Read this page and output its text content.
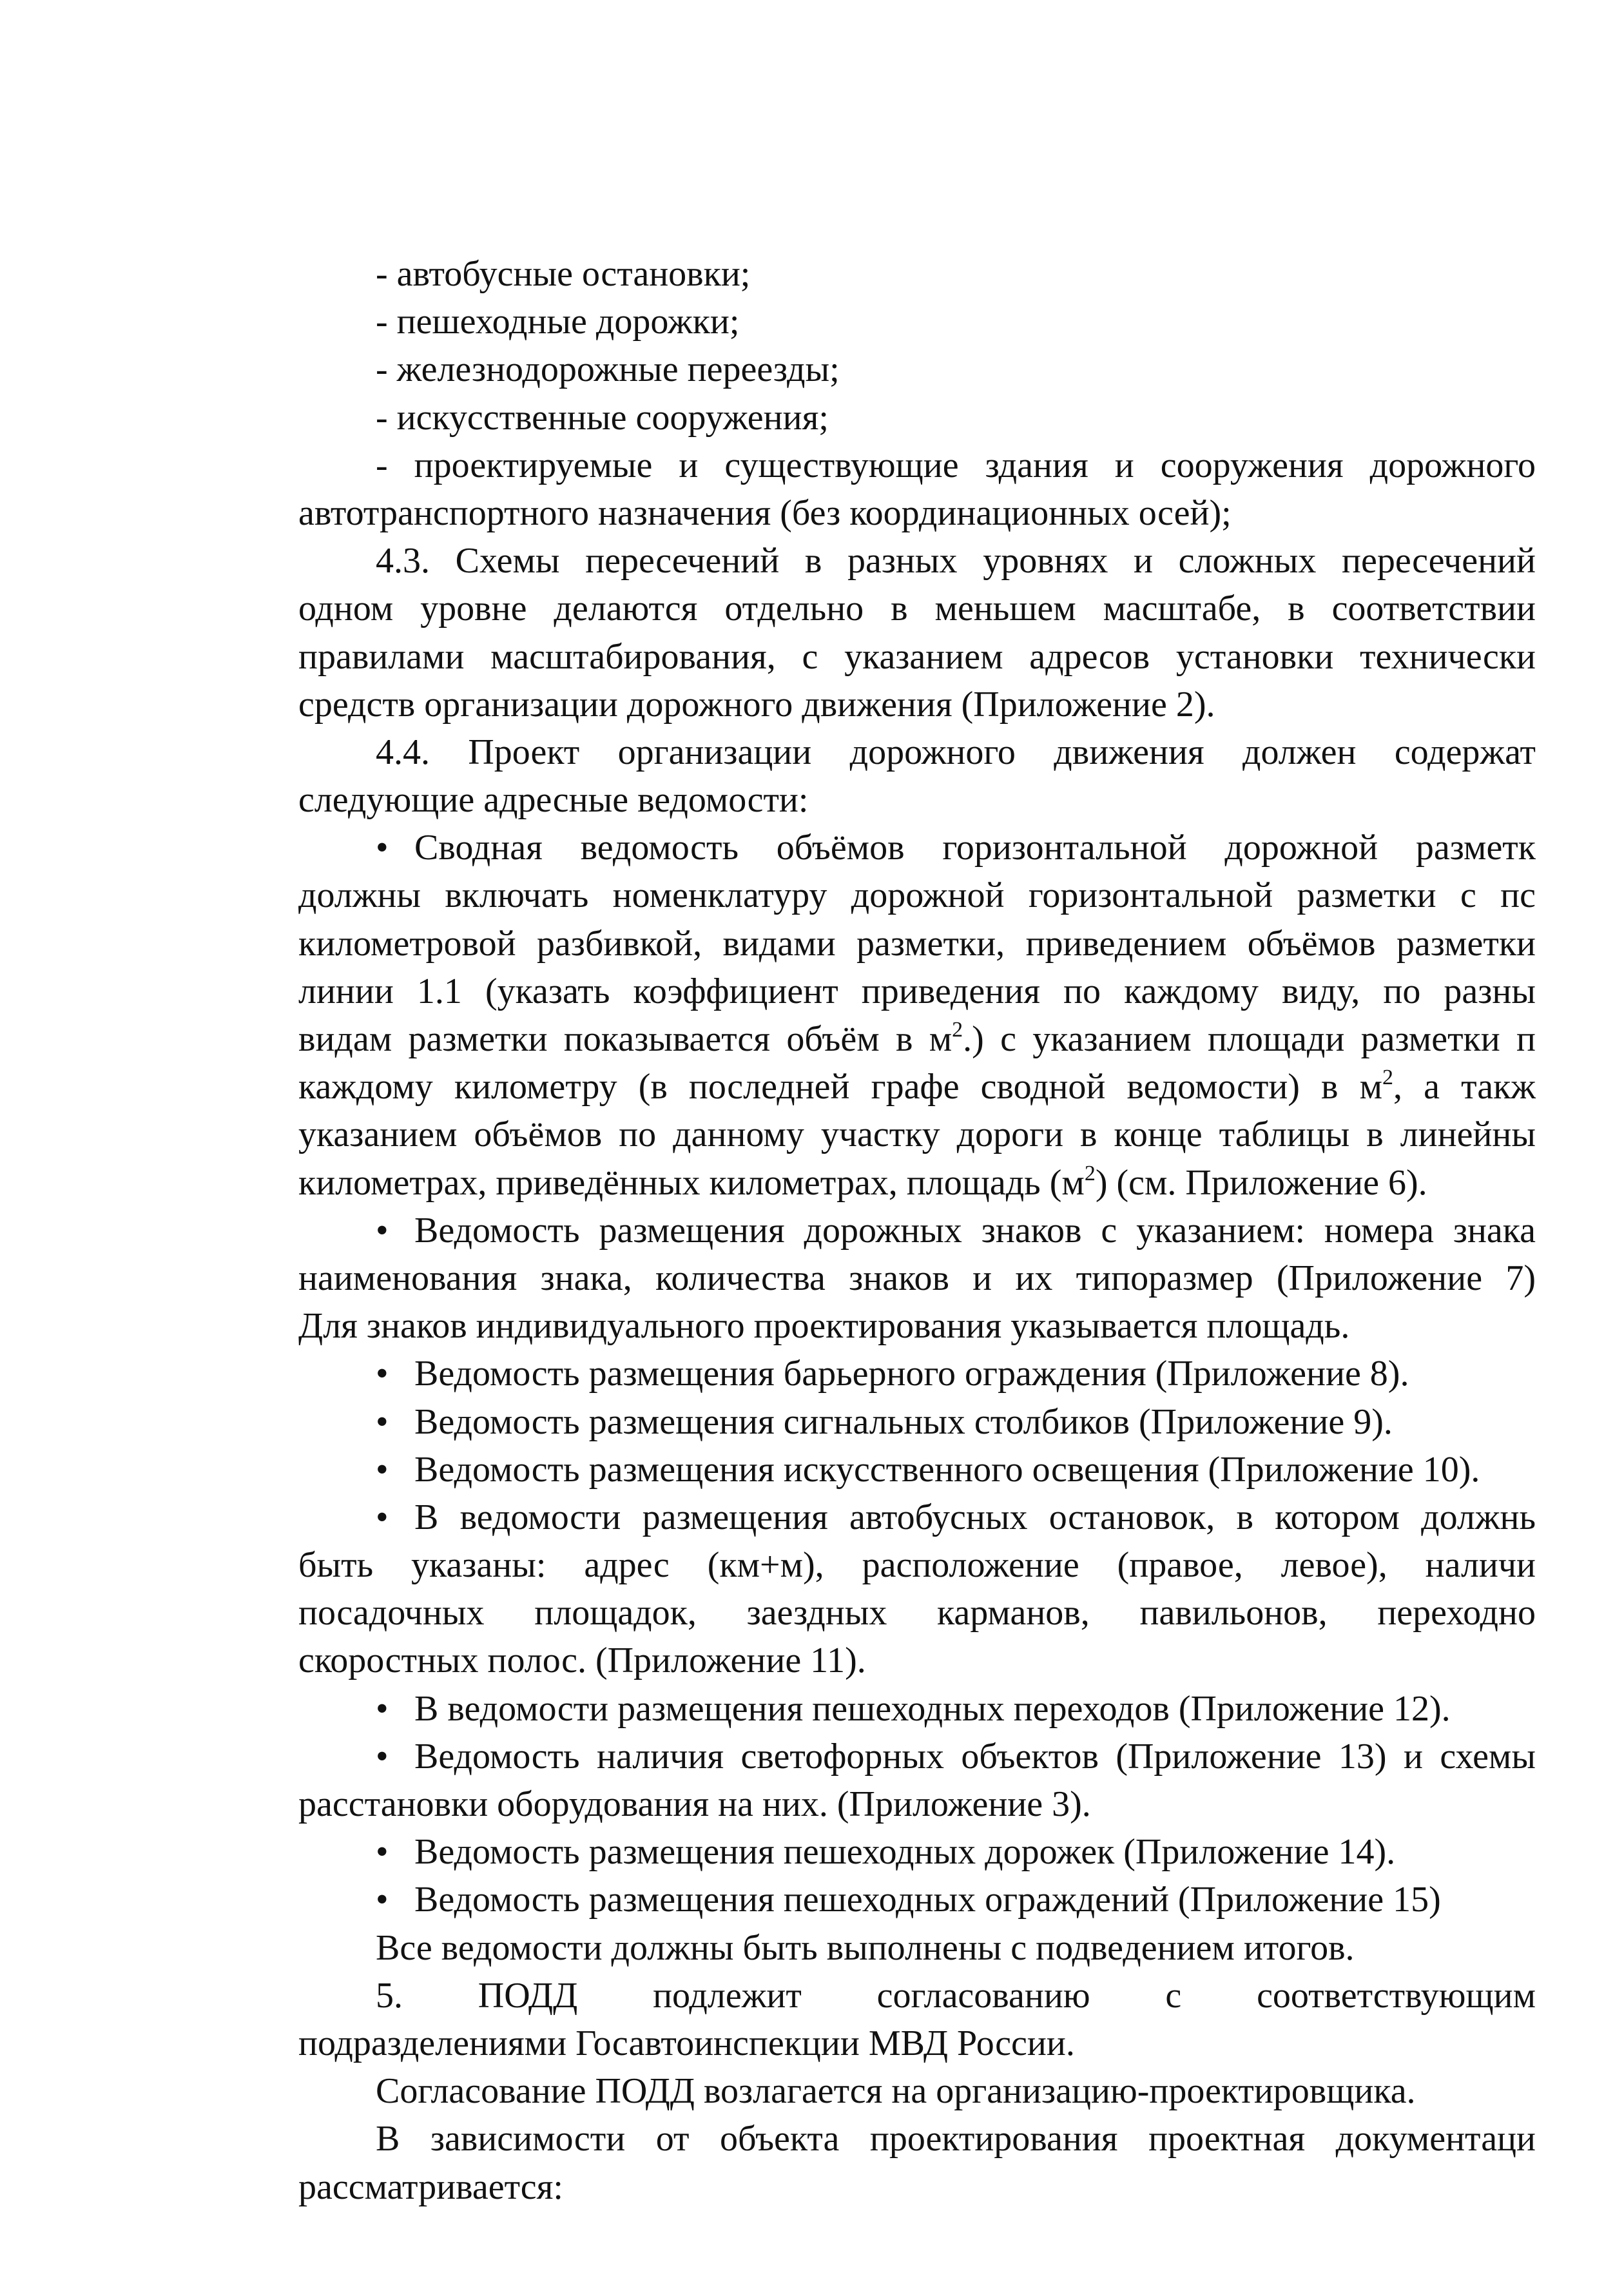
- автобусные остановки;
- пешеходные дорожки;
- железнодорожные переезды;
- искусственные сооружения;
- проектируемые и существующие здания и сооружения дорожного
автотранспортного назначения (без координационных осей);
4.3. Схемы пересечений в разных уровнях и сложных пересечений
одном уровне делаются отдельно в меньшем масштабе, в соответствии
правилами масштабирования, с указанием адресов установки технически
средств организации дорожного движения (Приложение 2).
4.4. Проект организации дорожного движения должен содержат
следующие адресные ведомости:
• Сводная ведомость объёмов горизонтальной дорожной разметк
должны включать номенклатуру дорожной горизонтальной разметки с пс
километровой разбивкой, видами разметки, приведением объёмов разметки
линии 1.1 (указать коэффициент приведения по каждому виду, по разны
видам разметки показывается объём в $м^2$.) с указанием площади разметки п
каждому километру (в последней графе сводной ведомости) в $м^2$, а такж
указанием объёмов по данному участку дороги в конце таблицы в линейны
километрах, приведённых километрах, площадь $(м^2)$ (см. Приложение 6).
• Ведомость размещения дорожных знаков с указанием: номера знака
наименования знака, количества знаков и их типоразмер (Приложение 7)
Для знаков индивидуального проектирования указывается площадь.
• Ведомость размещения барьерного ограждения (Приложение 8).
• Ведомость размещения сигнальных столбиков (Приложение 9).
• Ведомость размещения искусственного освещения (Приложение 10).
• В ведомости размещения автобусных остановок, в котором должнь
быть указаны: адрес (км+м), расположение (правое, левое), наличи
посадочных площадок, заездных карманов, павильонов, переходно
скоростных полос. (Приложение 11).
• В ведомости размещения пешеходных переходов (Приложение 12).
• Ведомость наличия светофорных объектов (Приложение 13) и схемы
расстановки оборудования на них. (Приложение 3).
• Ведомость размещения пешеходных дорожек (Приложение 14).
• Ведомость размещения пешеходных ограждений (Приложение 15)
Все ведомости должны быть выполнены с подведением итогов.
5. ПОДД подлежит согласованию с соответствующим
подразделениями Госавтоинспекции МВД России.
Согласование ПОДД возлагается на организацию-проектировщика.
В зависимости от объекта проектирования проектная документаци
рассматривается:
